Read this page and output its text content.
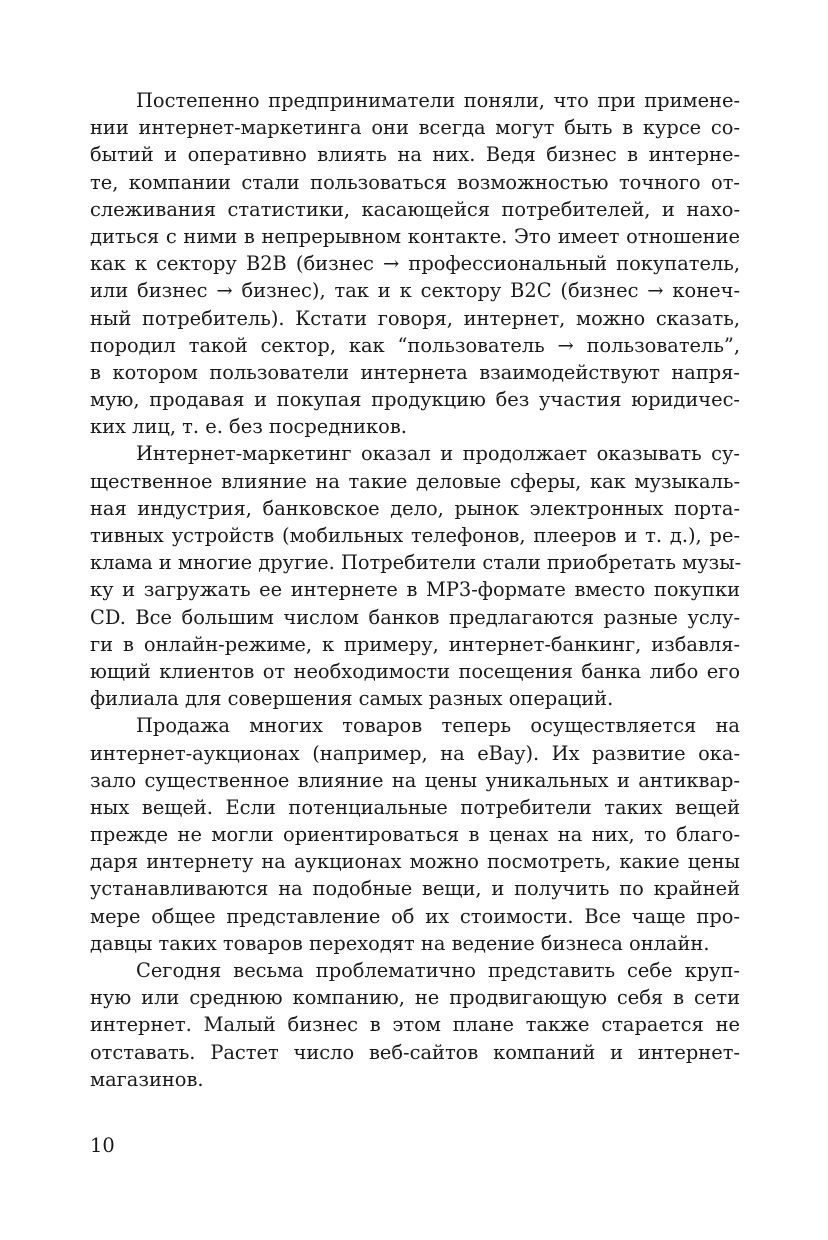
Постепенно предприниматели поняли, что при примене-
нии интернет-маркетинга они всегда могут быть в курсе со-
бытий и оперативно влиять на них. Ведя бизнес в интерне-
те, компании стали пользоваться возможностью точного от-
слеживания статистики, касающейся потребителей, и нахо-
диться с ними в непрерывном контакте. Это имеет отношение
как к сектору B2B (бизнес → профессиональный покупатель,
или бизнес → бизнес), так и к сектору B2C (бизнес → конеч-
ный потребитель). Кстати говоря, интернет, можно сказать,
породил такой сектор, как “пользователь → пользователь”,
в котором пользователи интернета взаимодействуют напря-
мую, продавая и покупая продукцию без участия юридичес-
ких лиц, т. е. без посредников.
Интернет-маркетинг оказал и продолжает оказывать су-
щественное влияние на такие деловые сферы, как музыкаль-
ная индустрия, банковское дело, рынок электронных порта-
тивных устройств (мобильных телефонов, плееров и т. д.), ре-
клама и многие другие. Потребители стали приобретать музы-
ку и загружать ее интернете в MP3-формате вместо покупки
CD. Все большим числом банков предлагаются разные услу-
ги в онлайн-режиме, к примеру, интернет-банкинг, избавля-
ющий клиентов от необходимости посещения банка либо его
филиала для совершения самых разных операций.
Продажа многих товаров теперь осуществляется на
интернет-аукционах (например, на eBay). Их развитие ока-
зало существенное влияние на цены уникальных и антиквар-
ных вещей. Если потенциальные потребители таких вещей
прежде не могли ориентироваться в ценах на них, то благо-
даря интернету на аукционах можно посмотреть, какие цены
устанавливаются на подобные вещи, и получить по крайней
мере общее представление об их стоимости. Все чаще про-
давцы таких товаров переходят на ведение бизнеса онлайн.
Сегодня весьма проблематично представить себе круп-
ную или среднюю компанию, не продвигающую себя в сети
интернет. Малый бизнес в этом плане также старается не
отставать. Растет число веб-сайтов компаний и интернет-
магазинов.
10
